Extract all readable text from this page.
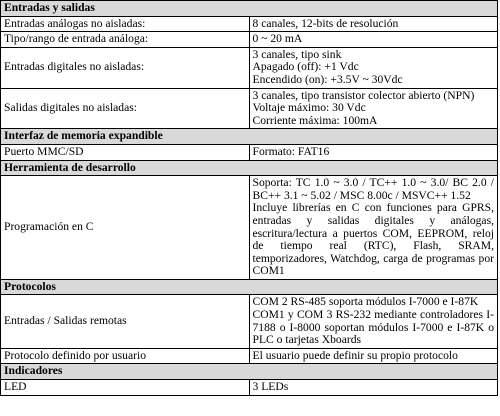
Entradas y salidas	
Entradas análogas no aisladas:	8 canales, 12-bits de resolución

Tipo/rango de entrada análoga:	0 ~ 20 mA

Entradas digitales no aisladas:	3 canales, tipo sink
Apagado (off): +1 Vdc
Encendido (on): +3.5V ~ 30Vdc

Salidas digitales no aisladas:	3 canales, tipo transistor colector abierto (NPN)
Voltaje máximo: 30 Vdc
Corriente máxima: 100mA

Interfaz de memoria expandible	
Puerto MMC/SD	Formato: FAT16

Herramienta de desarrollo	
Programación en C	Soporta: TC 1.0 ~ 3.0 / TC++ 1.0 ~ 3.0/ BC 2.0 / BC++ 3.1 ~ 5.02 / MSC 8.00c / MSVC++ 1.52
Incluye librerías en C con funciones para GPRS, entradas y salidas digitales y análogas, escritura/lectura a puertos COM, EEPROM, reloj de tiempo real (RTC), Flash, SRAM, temporizadores, Watchdog, carga de programas por COM1

Protocolos	
Entradas / Salidas remotas	COM 2 RS-485 soporta módulos I-7000 e I-87K
COM1 y COM 3 RS-232 mediante controladores I-7188 o I-8000 soportan módulos I-7000 e I-87K o PLC o tarjetas Xboards

Protocolo definido por usuario	El usuario puede definir su propio protocolo

Indicadores	
LED	3 LEDs
